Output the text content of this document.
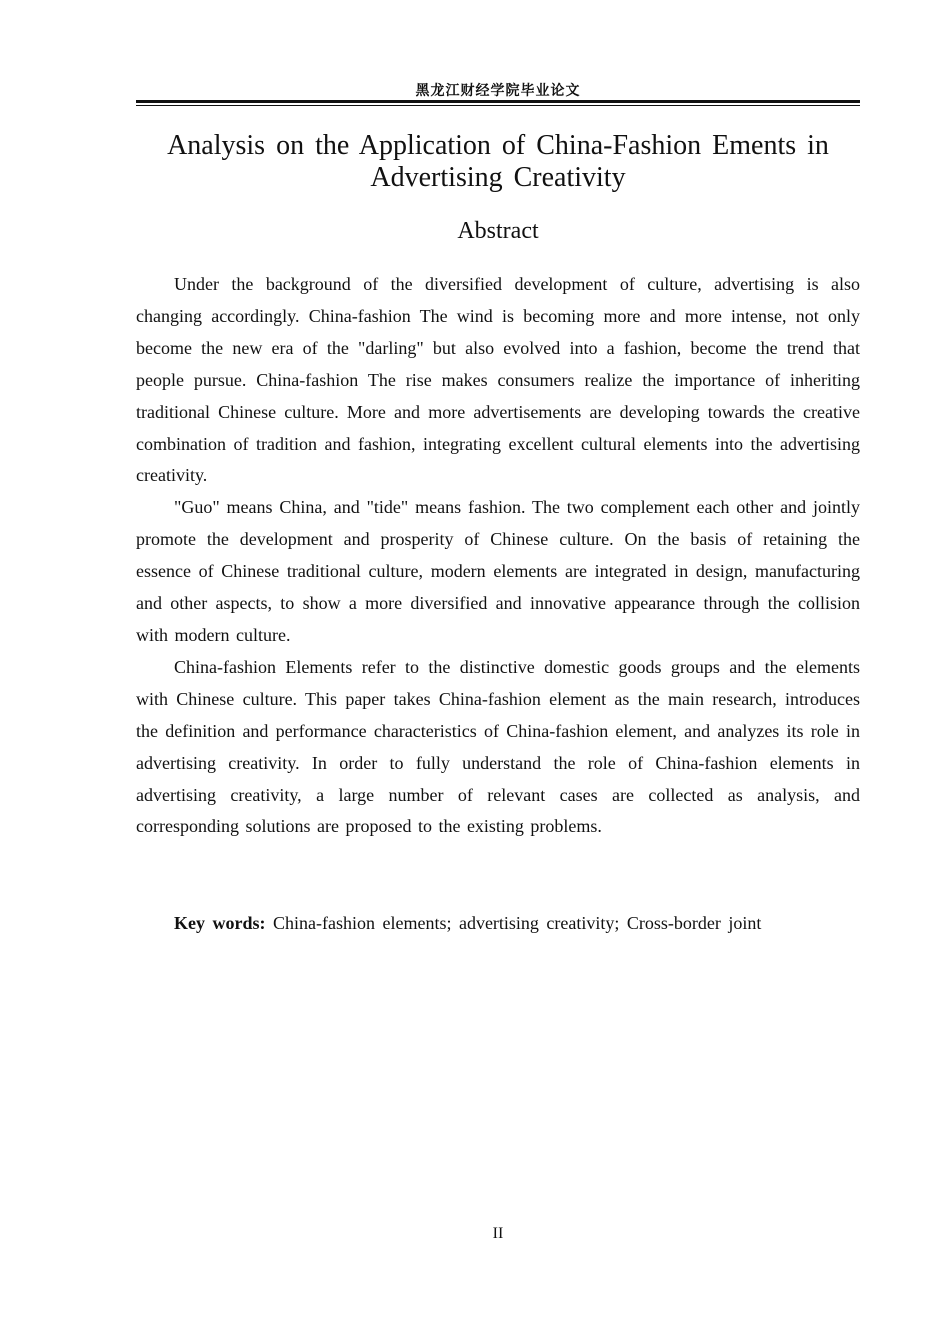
黑龙江财经学院毕业论文
Analysis on the Application of China-Fashion Ements in Advertising Creativity
Abstract

Under the background of the diversified development of culture, advertising is also changing accordingly. China-fashion The wind is becoming more and more intense, not only become the new era of the "darling" but also evolved into a fashion, become the trend that people pursue. China-fashion The rise makes consumers realize the importance of inheriting traditional Chinese culture. More and more advertisements are developing towards the creative combination of tradition and fashion, integrating excellent cultural elements into the advertising creativity.

"Guo" means China, and "tide" means fashion. The two complement each other and jointly promote the development and prosperity of Chinese culture. On the basis of retaining the essence of Chinese traditional culture, modern elements are integrated in design, manufacturing and other aspects, to show a more diversified and innovative appearance through the collision with modern culture.

China-fashion Elements refer to the distinctive domestic goods groups and the elements with Chinese culture. This paper takes China-fashion element as the main research, introduces the definition and performance characteristics of China-fashion element, and analyzes its role in advertising creativity. In order to fully understand the role of China-fashion elements in advertising creativity, a large number of relevant cases are collected as analysis, and corresponding solutions are proposed to the existing problems.

Key words: China-fashion elements; advertising creativity; Cross-border joint

II
